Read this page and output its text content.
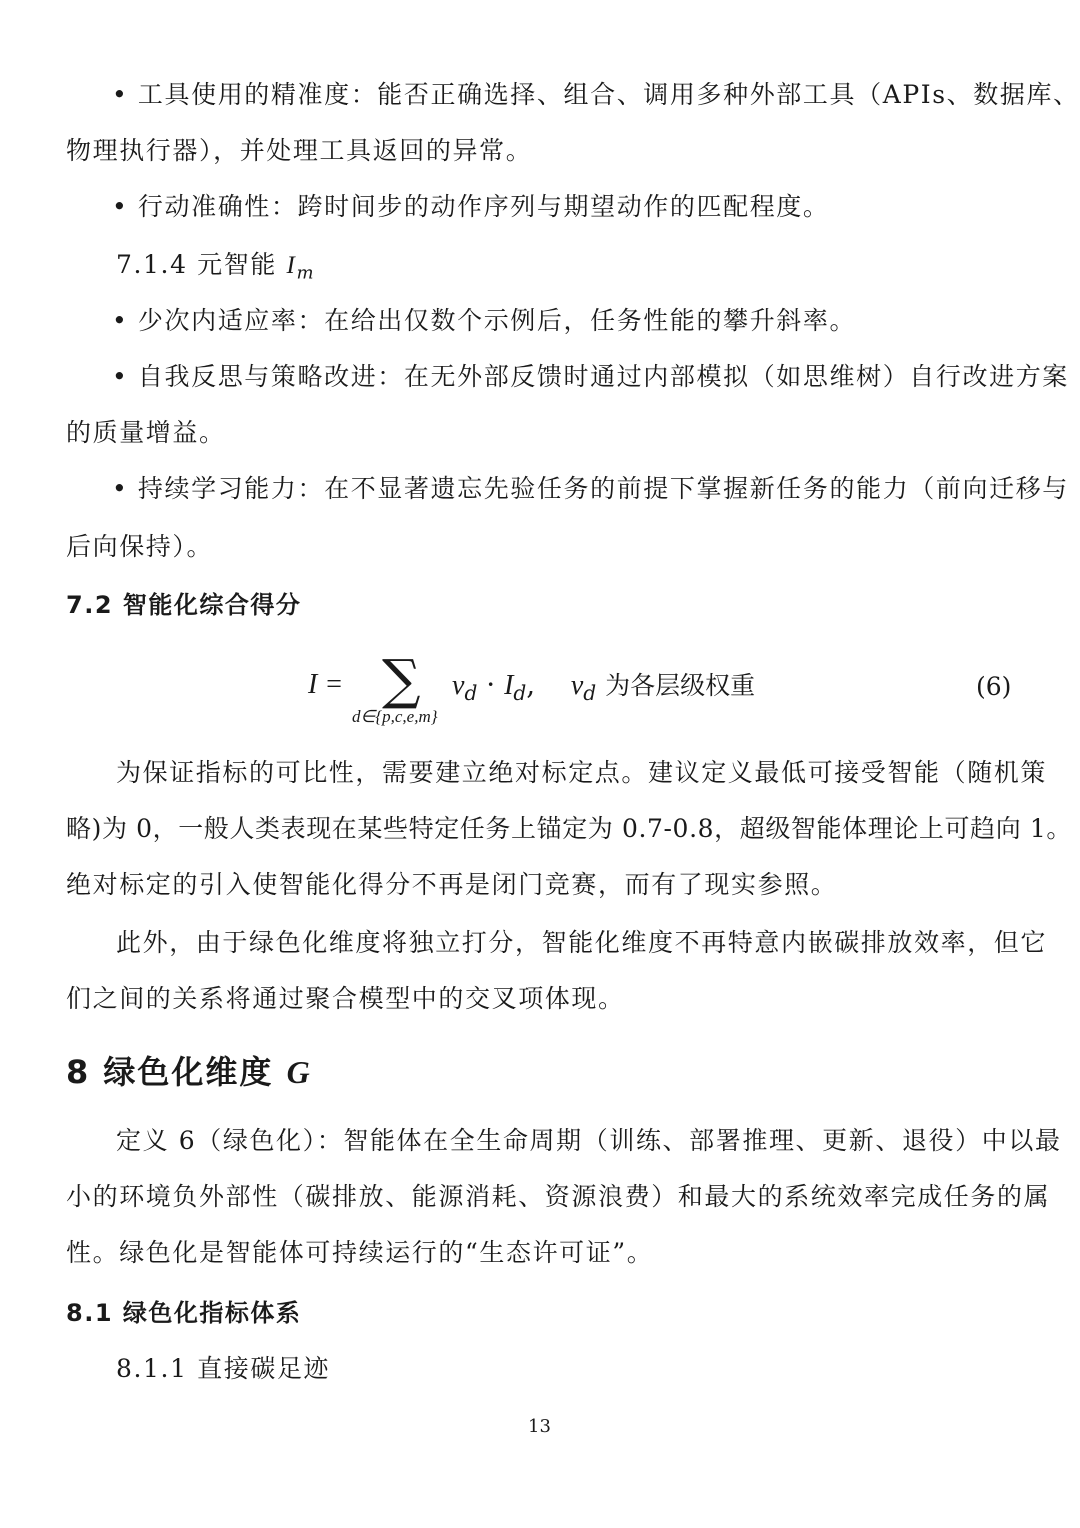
• 工具使用的精准度：能否正确选择、组合、调用多种外部工具（APIs、数据库、
物理执行器），并处理工具返回的异常。
• 行动准确性：跨时间步的动作序列与期望动作的匹配程度。
7.1.4 元智能 $I_m$
• 少次内适应率：在给出仅数个示例后，任务性能的攀升斜率。
• 自我反思与策略改进：在无外部反馈时通过内部模拟（如思维树）自行改进方案
的质量增益。
• 持续学习能力：在不显著遗忘先验任务的前提下掌握新任务的能力（前向迁移与
后向保持）。
7.2 智能化综合得分
I = ∑
d∈{p,c,e,m}
$\nu_d \cdot I_d$, $\nu_d$ 为各层级权重	(6)
为保证指标的可比性，需要建立绝对标定点。建议定义最低可接受智能（随机策
略)为 0，一般人类表现在某些特定任务上锚定为 0.7-0.8，超级智能体理论上可趋向 1。
绝对标定的引入使智能化得分不再是闭门竞赛，而有了现实参照。
此外，由于绿色化维度将独立打分，智能化维度不再特意内嵌碳排放效率，但它
们之间的关系将通过聚合模型中的交叉项体现。
8 绿色化维度 G
定义 6（绿色化）：智能体在全生命周期（训练、部署推理、更新、退役）中以最
小的环境负外部性（碳排放、能源消耗、资源浪费）和最大的系统效率完成任务的属
性。绿色化是智能体可持续运行的“生态许可证”。
8.1 绿色化指标体系
8.1.1 直接碳足迹
13
